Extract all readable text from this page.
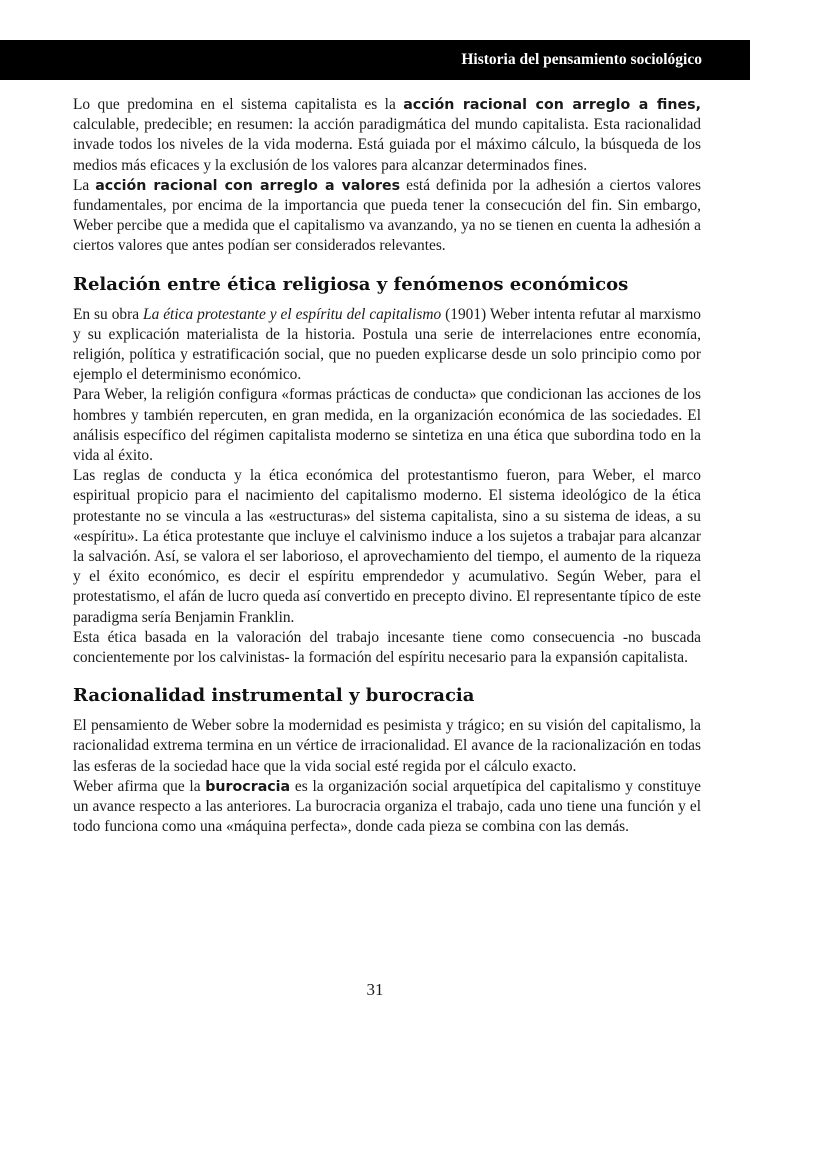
Historia del pensamiento sociológico

Lo que predomina en el sistema capitalista es la acción racional con arreglo a fines, calculable, predecible; en resumen: la acción paradigmática del mundo capitalista. Esta racionalidad invade todos los niveles de la vida moderna. Está guiada por el máximo cálculo, la búsqueda de los medios más eficaces y la exclusión de los valores para alcanzar determinados fines.

La acción racional con arreglo a valores está definida por la adhesión a ciertos valores fundamentales, por encima de la importancia que pueda tener la consecución del fin. Sin embargo, Weber percibe que a medida que el capitalismo va avanzando, ya no se tienen en cuenta la adhesión a ciertos valores que antes podían ser considerados relevantes.

Relación entre ética religiosa y fenómenos económicos

En su obra La ética protestante y el espíritu del capitalismo (1901) Weber intenta refutar al marxismo y su explicación materialista de la historia. Postula una serie de interrelaciones entre economía, religión, política y estratificación social, que no pueden explicarse desde un solo principio como por ejemplo el determinismo económico.

Para Weber, la religión configura «formas prácticas de conducta» que condicionan las acciones de los hombres y también repercuten, en gran medida, en la organización económica de las sociedades. El análisis específico del régimen capitalista moderno se sintetiza en una ética que subordina todo en la vida al éxito.

Las reglas de conducta y la ética económica del protestantismo fueron, para Weber, el marco espiritual propicio para el nacimiento del capitalismo moderno. El sistema ideológico de la ética protestante no se vincula a las «estructuras» del sistema capitalista, sino a su sistema de ideas, a su «espíritu». La ética protestante que incluye el calvinismo induce a los sujetos a trabajar para alcanzar la salvación. Así, se valora el ser laborioso, el aprovechamiento del tiempo, el aumento de la riqueza y el éxito económico, es decir el espíritu emprendedor y acumulativo. Según Weber, para el protestatismo, el afán de lucro queda así convertido en precepto divino. El representante típico de este paradigma sería Benjamin Franklin.

Esta ética basada en la valoración del trabajo incesante tiene como consecuencia -no buscada concientemente por los calvinistas- la formación del espíritu necesario para la expansión capitalista.

Racionalidad instrumental y burocracia

El pensamiento de Weber sobre la modernidad es pesimista y trágico; en su visión del capitalismo, la racionalidad extrema termina en un vértice de irracionalidad. El avance de la racionalización en todas las esferas de la sociedad hace que la vida social esté regida por el cálculo exacto.

Weber afirma que la burocracia es la organización social arquetípica del capitalismo y constituye un avance respecto a las anteriores. La burocracia organiza el trabajo, cada uno tiene una función y el todo funciona como una «máquina perfecta», donde cada pieza se combina con las demás.

31
